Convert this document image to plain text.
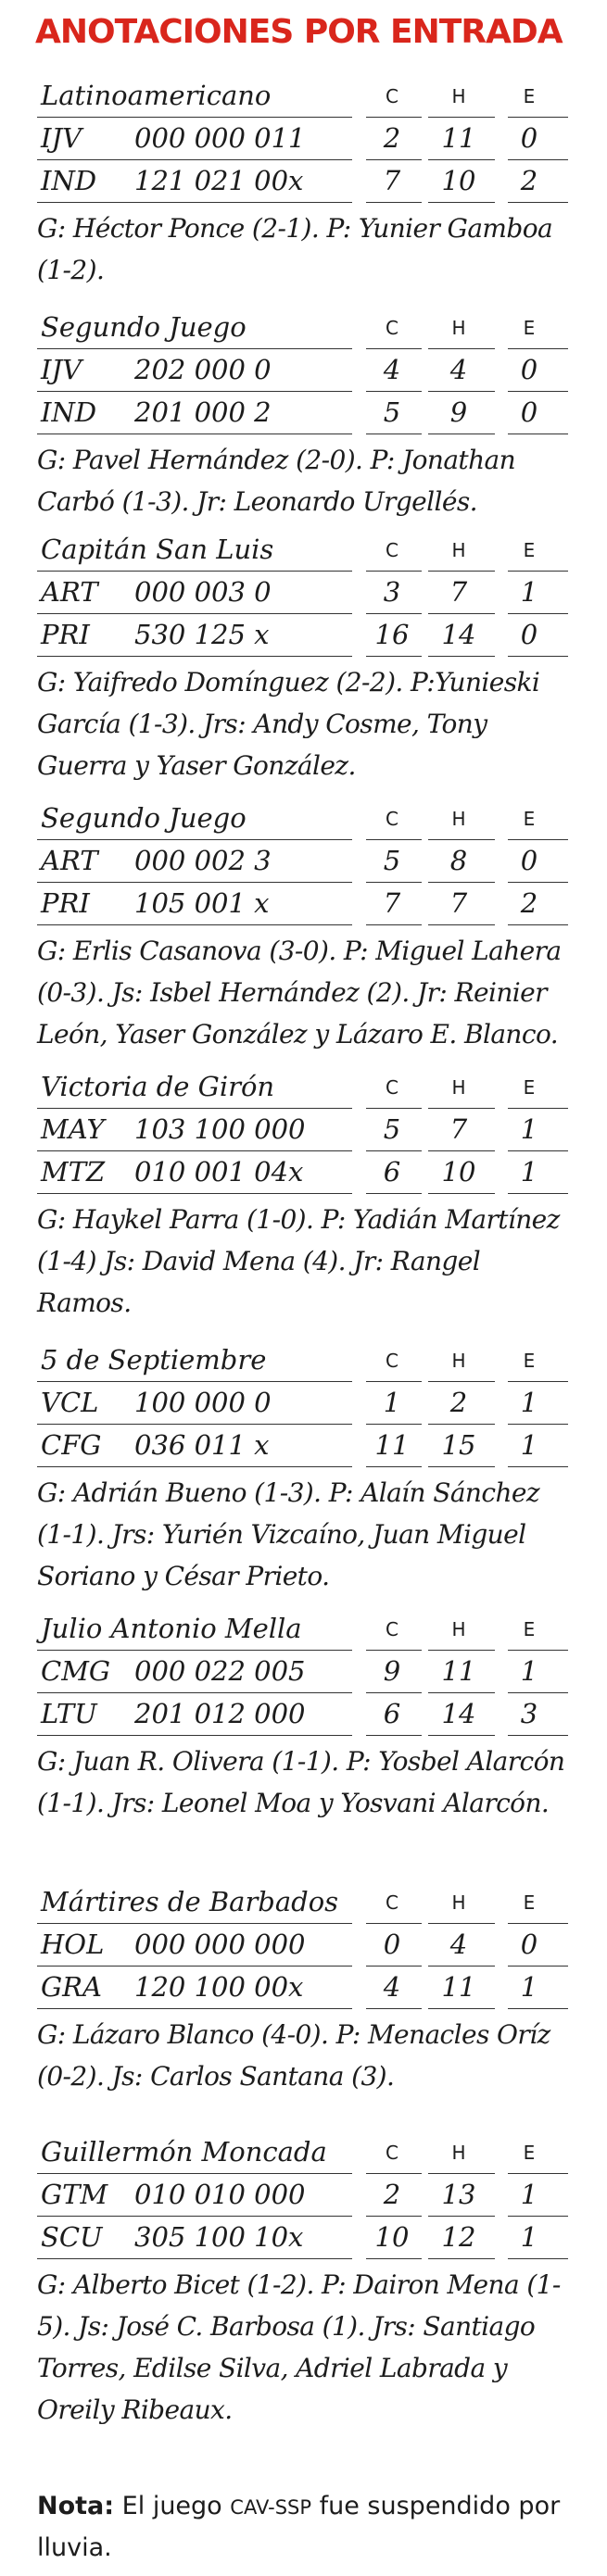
ANOTACIONES POR ENTRADA
Latinoamericano	C	H	E
IJV 000 000 011	2	11	0
IND 121 021 00x	7	10	2
G: Héctor Ponce (2-1). P: Yunier Gamboa (1-2).
Segundo Juego	C	H	E
IJV 202 000 0	4	4	0
IND 201 000 2	5	9	0
G: Pavel Hernández (2-0). P: Jonathan Carbó (1-3). Jr: Leonardo Urgellés.
Capitán San Luis	C	H	E
ART 000 003 0	3	7	1
PRI 530 125 x	16	14	0
G: Yaifredo Domínguez (2-2). P:Yunieski García (1-3). Jrs: Andy Cosme, Tony Guerra y Yaser González.
Segundo Juego	C	H	E
ART 000 002 3	5	8	0
PRI 105 001 x	7	7	2
G: Erlis Casanova (3-0). P: Miguel Lahera (0-3). Js: Isbel Hernández (2). Jr: Reinier León, Yaser González y Lázaro E. Blanco.
Victoria de Girón	C	H	E
MAY 103 100 000	5	7	1
MTZ 010 001 04x	6	10	1
G: Haykel Parra (1-0). P: Yadián Martínez (1-4) Js: David Mena (4). Jr: Rangel Ramos.
5 de Septiembre	C	H	E
VCL 100 000 0	1	2	1
CFG 036 011 x	11	15	1
G: Adrián Bueno (1-3). P: Alaín Sánchez (1-1). Jrs: Yurién Vizcaíno, Juan Miguel Soriano y César Prieto.
Julio Antonio Mella	C	H	E
CMG 000 022 005	9	11	1
LTU 201 012 000	6	14	3
G: Juan R. Olivera (1-1). P: Yosbel Alarcón (1-1). Jrs: Leonel Moa y Yosvani Alarcón.
Mártires de Barbados	C	H	E
HOL 000 000 000	0	4	0
GRA 120 100 00x	4	11	1
G: Lázaro Blanco (4-0). P: Menacles Oríz (0-2). Js: Carlos Santana (3).
Guillermón Moncada	C	H	E
GTM 010 010 000	2	13	1
SCU 305 100 10x	10	12	1
G: Alberto Bicet (1-2). P: Dairon Mena (1-5). Js: José C. Barbosa (1). Jrs: Santiago Torres, Edilse Silva, Adriel Labrada y Oreily Ribeaux.
Nota: El juego CAV-SSP fue suspendido por lluvia.
